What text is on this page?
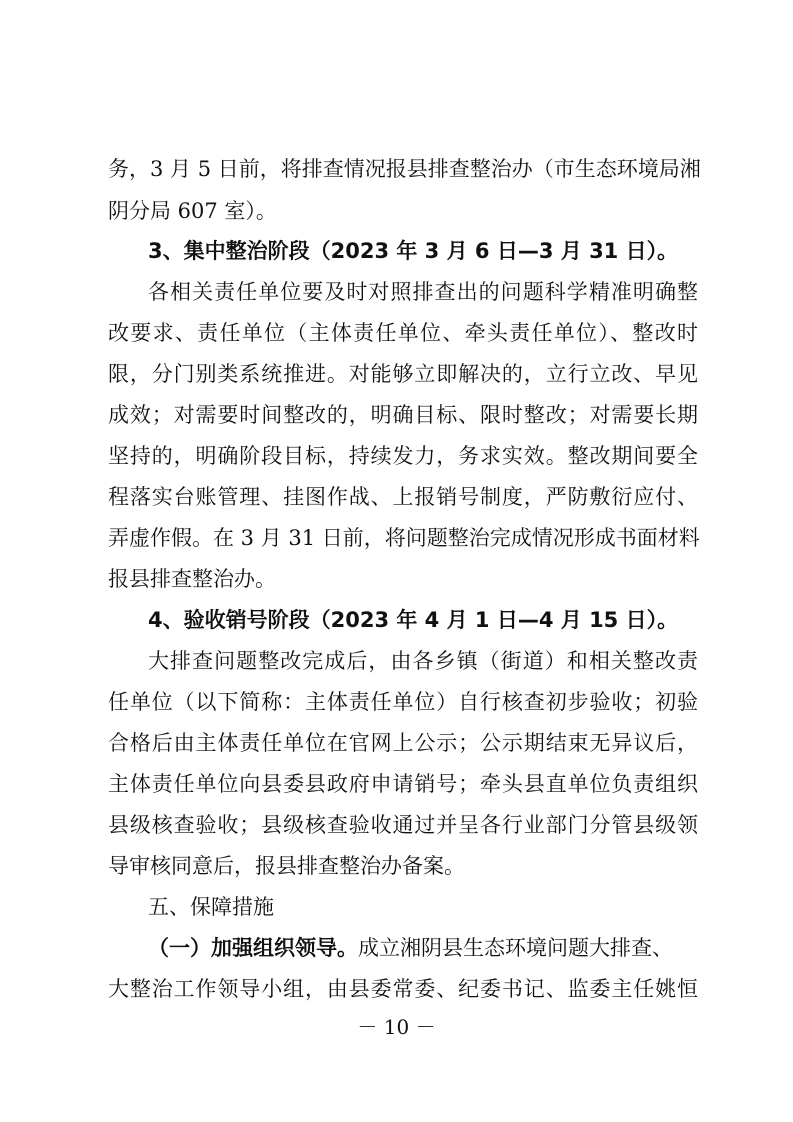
务，3 月 5 日前，将排查情况报县排查整治办（市生态环境局湘
阴分局 607 室）。
3、集中整治阶段（2023 年 3 月 6 日—3 月 31 日）。
各相关责任单位要及时对照排查出的问题科学精准明确整
改要求、责任单位（主体责任单位、牵头责任单位）、整改时
限，分门别类系统推进。对能够立即解决的，立行立改、早见
成效；对需要时间整改的，明确目标、限时整改；对需要长期
坚持的，明确阶段目标，持续发力，务求实效。整改期间要全
程落实台账管理、挂图作战、上报销号制度，严防敷衍应付、
弄虚作假。在 3 月 31 日前，将问题整治完成情况形成书面材料
报县排查整治办。
4、验收销号阶段（2023 年 4 月 1 日—4 月 15 日）。
大排查问题整改完成后，由各乡镇（街道）和相关整改责
任单位（以下简称：主体责任单位）自行核查初步验收；初验
合格后由主体责任单位在官网上公示；公示期结束无异议后，
主体责任单位向县委县政府申请销号；牵头县直单位负责组织
县级核查验收；县级核查验收通过并呈各行业部门分管县级领
导审核同意后，报县排查整治办备案。
五、保障措施
（一）加强组织领导。成立湘阴县生态环境问题大排查、
大整治工作领导小组，由县委常委、纪委书记、监委主任姚恒
－ 10 －
